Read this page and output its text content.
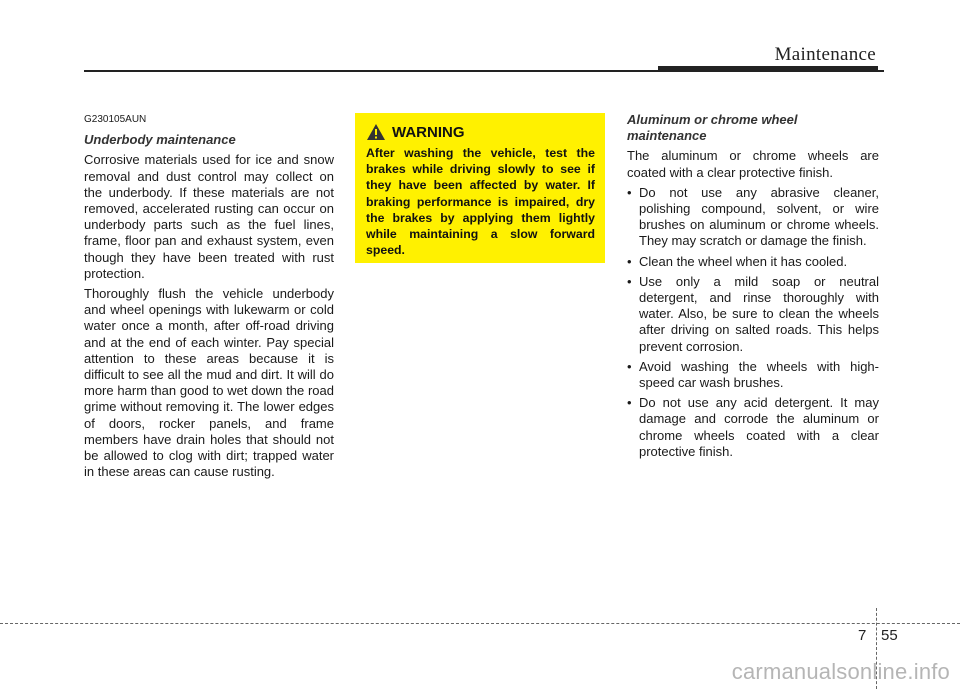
Maintenance
G230105AUN
Underbody maintenance

Corrosive materials used for ice and snow removal and dust control may collect on the underbody. If these materials are not removed, accelerated rusting can occur on underbody parts such as the fuel lines, frame, floor pan and exhaust system, even though they have been treated with rust protection.

Thoroughly flush the vehicle underbody and wheel openings with lukewarm or cold water once a month, after off-road driving and at the end of each winter. Pay special attention to these areas because it is difficult to see all the mud and dirt. It will do more harm than good to wet down the road grime without removing it. The lower edges of doors, rocker panels, and frame members have drain holes that should not be allowed to clog with dirt; trapped water in these areas can cause rusting.

WARNING

After washing the vehicle, test the brakes while driving slowly to see if they have been affected by water. If braking performance is impaired, dry the brakes by applying them lightly while maintaining a slow forward speed.

Aluminum or chrome wheel maintenance

The aluminum or chrome wheels are coated with a clear protective finish.

• Do not use any abrasive cleaner, polishing compound, solvent, or wire brushes on aluminum or chrome wheels. They may scratch or damage the finish.
• Clean the wheel when it has cooled.
• Use only a mild soap or neutral detergent, and rinse thoroughly with water. Also, be sure to clean the wheels after driving on salted roads. This helps prevent corrosion.
• Avoid washing the wheels with high-speed car wash brushes.
• Do not use any acid detergent. It may damage and corrode the aluminum or chrome wheels coated with a clear protective finish.
7 55
carmanualsonline.info
